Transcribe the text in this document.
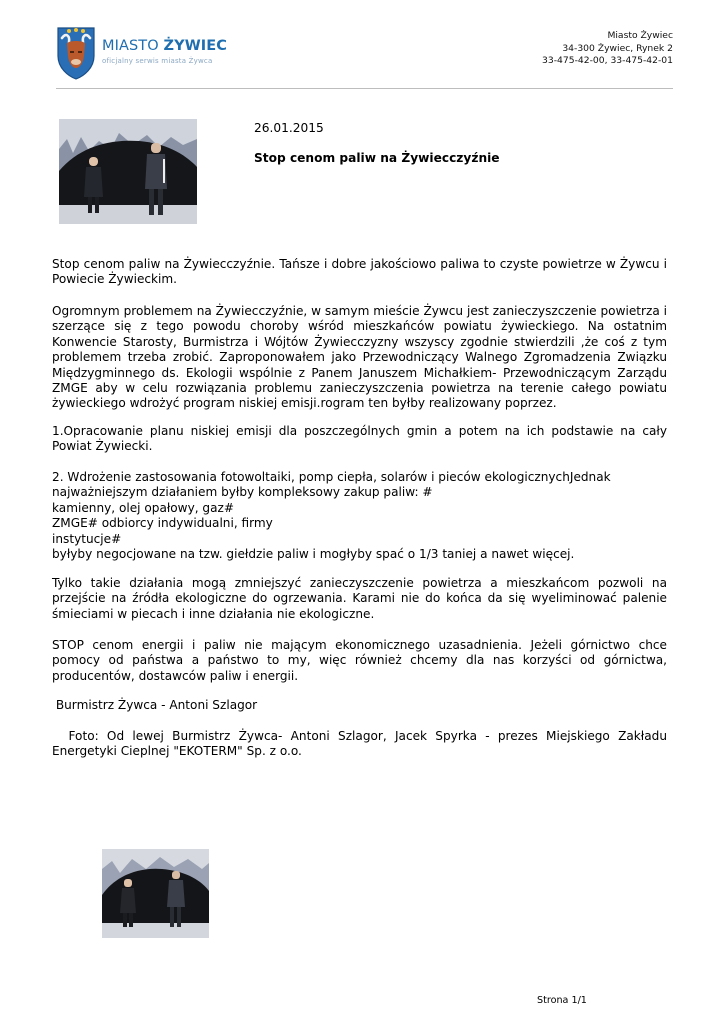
MIASTO ŻYWIEC
oficjalny serwis miasta Żywca
Miasto Żywiec
34-300 Żywiec, Rynek 2
33-475-42-00, 33-475-42-01
26.01.2015
Stop cenom paliw na Żywiecczyźnie

Stop cenom paliw na Żywiecczyźnie. Tańsze i dobre jakościowo paliwa to czyste powietrze w Żywcu i Powiecie Żywieckim.

Ogromnym problemem na Żywiecczyźnie, w samym mieście Żywcu jest zanieczyszczenie powietrza i szerzące się z tego powodu choroby wśród mieszkańców powiatu żywieckiego. Na ostatnim Konwencie Starosty, Burmistrza i Wójtów Żywiecczyzny wszyscy zgodnie stwierdzili ,że coś z tym problemem trzeba zrobić. Zaproponowałem jako Przewodniczący Walnego Zgromadzenia Związku Międzygminnego ds. Ekologii wspólnie z Panem Januszem Michałkiem- Przewodniczącym Zarządu ZMGE aby w celu rozwiązania problemu zanieczyszczenia powietrza na terenie całego powiatu żywieckiego wdrożyć program niskiej emisji.rogram ten byłby realizowany poprzez.

1.Opracowanie planu niskiej emisji dla poszczególnych gmin a potem na ich podstawie na cały Powiat Żywiecki.

2. Wdrożenie zastosowania fotowoltaiki, pomp ciepła, solarów i pieców ekologicznychJednak
najważniejszym działaniem byłby kompleksowy zakup paliw: #
kamienny, olej opałowy, gaz#
ZMGE# odbiorcy indywidualni, firmy
instytucje#
byłyby negocjowane na tzw. giełdzie paliw i mogłyby spać o 1/3 taniej a nawet więcej.

Tylko takie działania mogą zmniejszyć zanieczyszczenie powietrza a mieszkańcom pozwoli na przejście na źródła ekologiczne do ogrzewania. Karami nie do końca da się wyeliminować palenie śmieciami w piecach i inne działania nie ekologiczne.

STOP cenom energii i paliw nie mającym ekonomicznego uzasadnienia. Jeżeli górnictwo chce pomocy od państwa a państwo to my, więc również chcemy dla nas korzyści od górnictwa, producentów, dostawców paliw i energii.

Burmistrz Żywca - Antoni Szlagor
Foto: Od lewej Burmistrz Żywca- Antoni Szlagor, Jacek Spyrka - prezes Miejskiego Zakładu Energetyki Cieplnej "EKOTERM" Sp. z o.o.
Strona 1/1
